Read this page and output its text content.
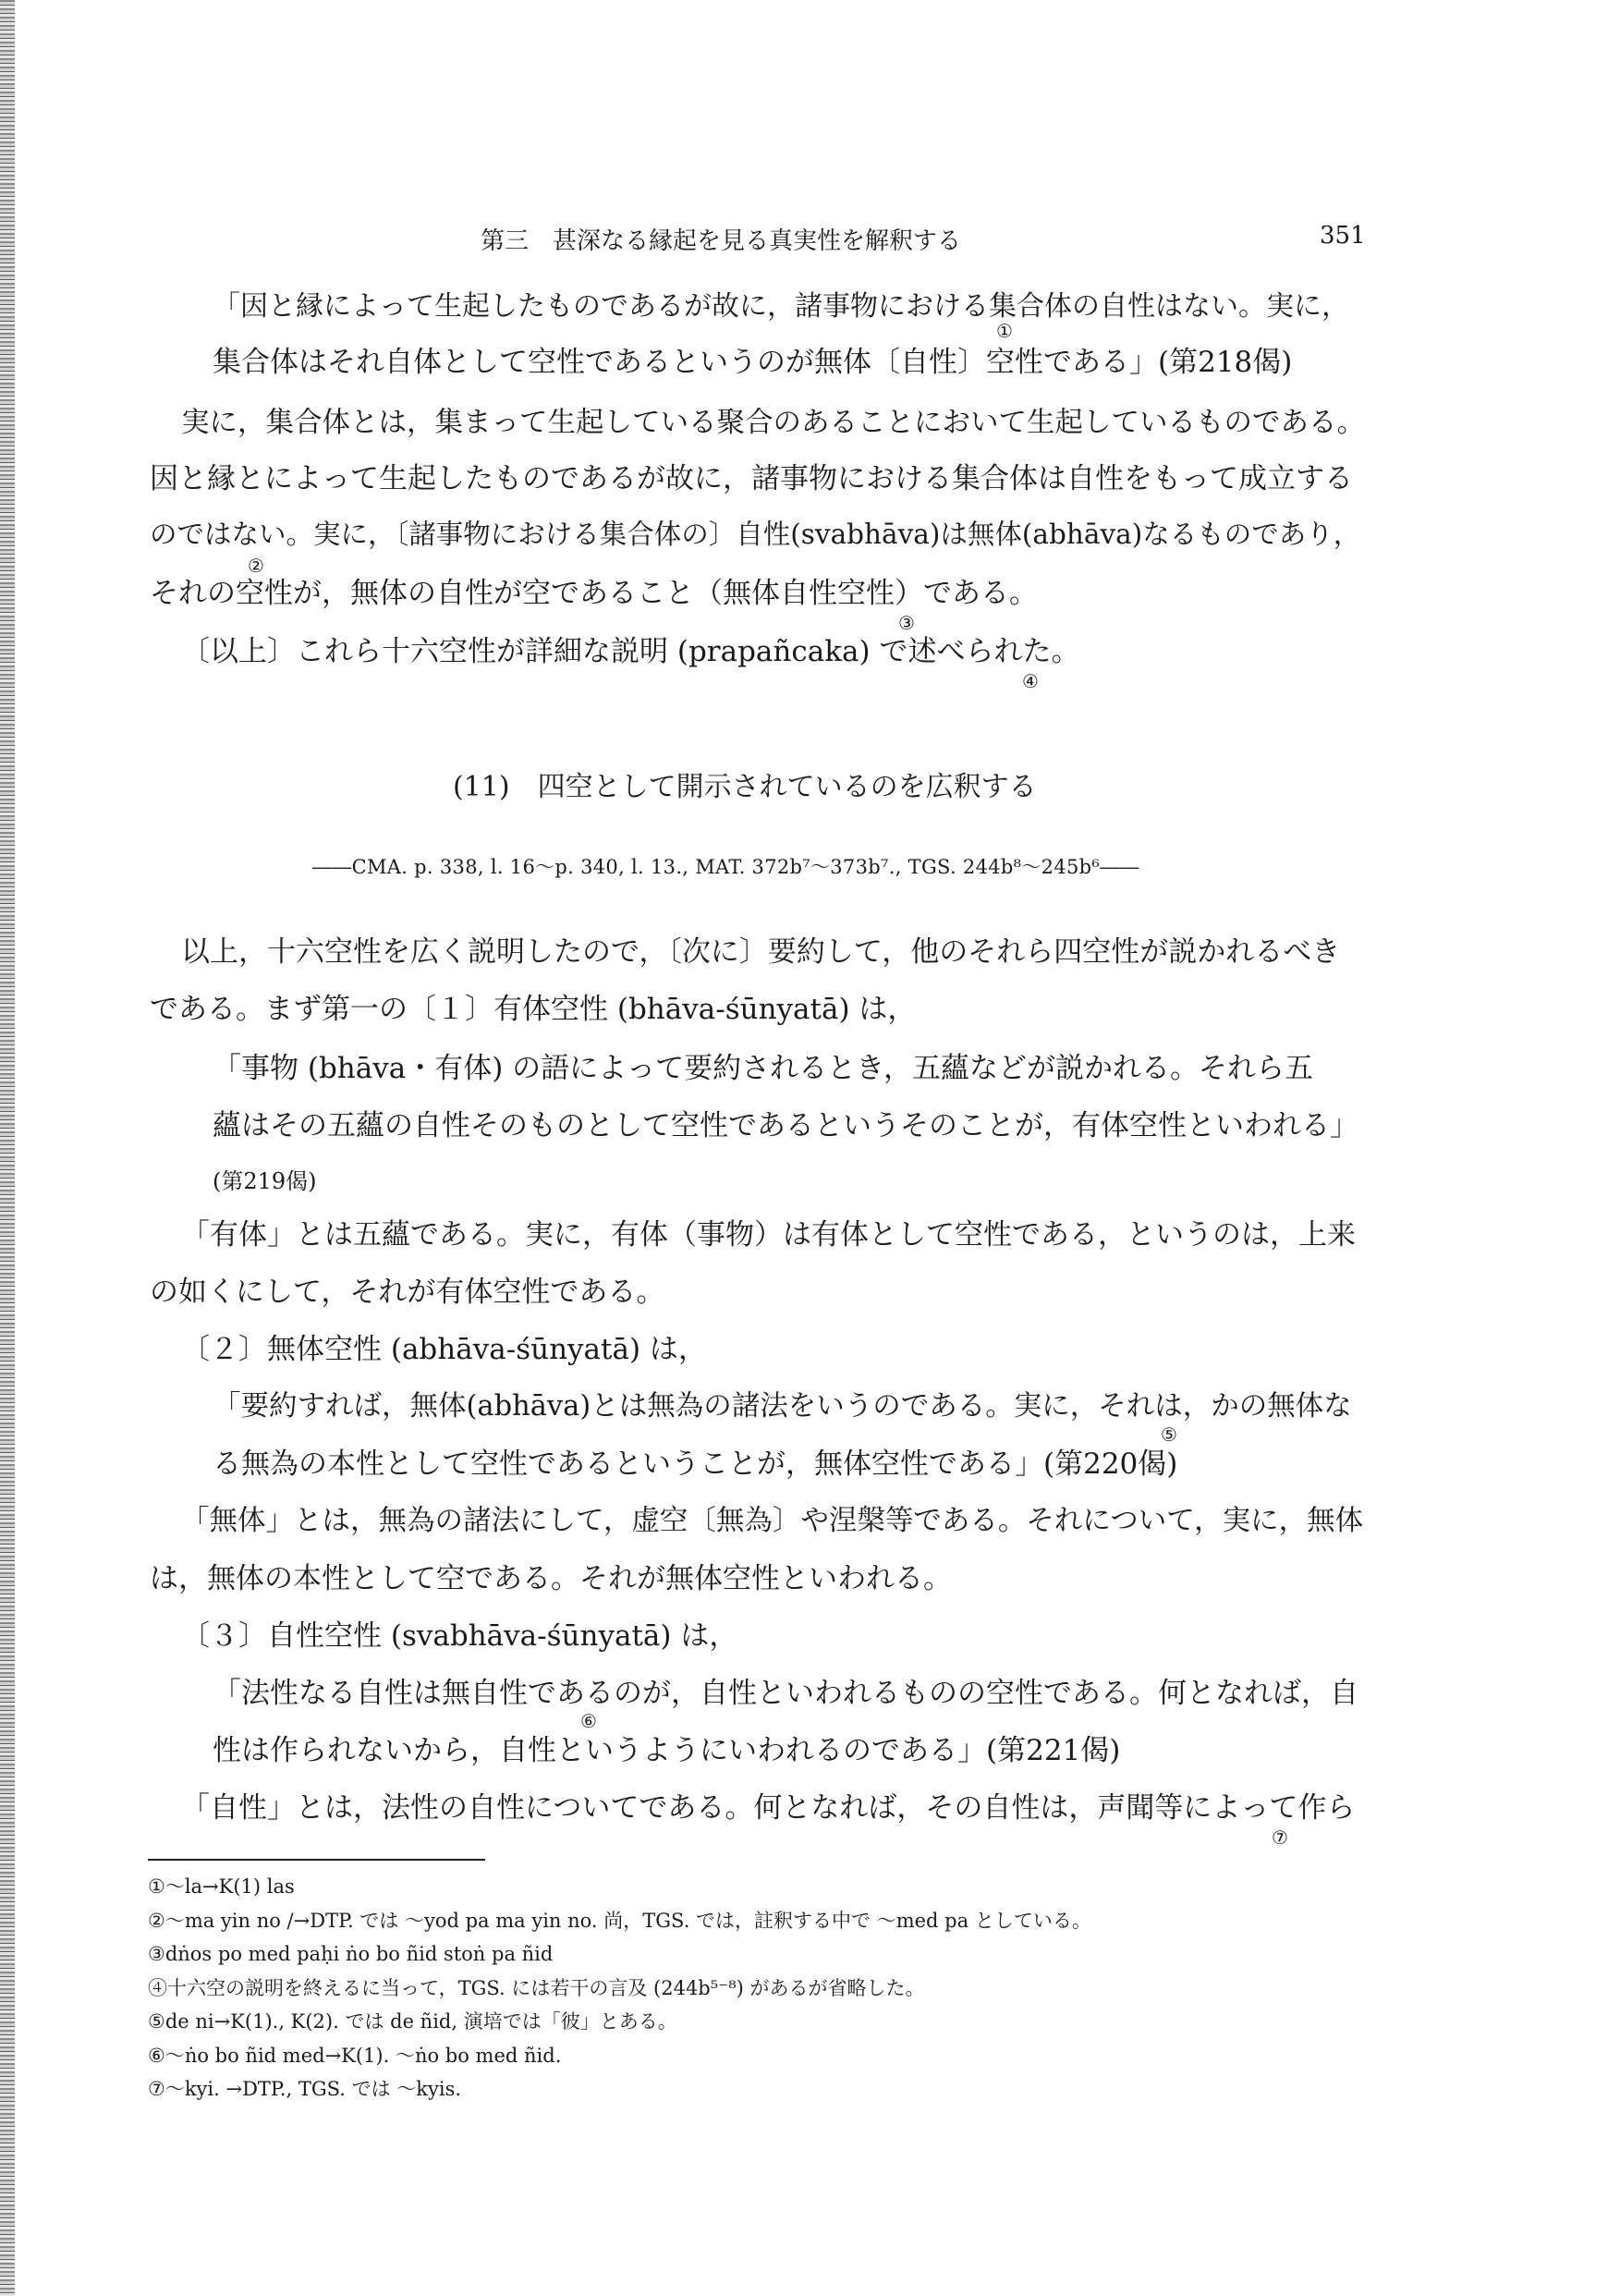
第三　甚深なる縁起を見る真実性を解釈する	351
「因と縁によって生起したものであるが故に，諸事物における集合体の自性はない。実に，
①
集合体はそれ自体として空性であるというのが無体〔自性〕空性である」(第218偈)
実に，集合体とは，集まって生起している聚合のあることにおいて生起しているものである。
因と縁とによって生起したものであるが故に，諸事物における集合体は自性をもって成立する
のではない。実に，〔諸事物における集合体の〕自性(svabhāva)は無体(abhāva)なるものであり，
②
それの空性が，無体の自性が空であること（無体自性空性）である。
③
〔以上〕これら十六空性が詳細な説明 (prapañcaka) で述べられた。
④
(11)　四空として開示されているのを広釈する
――CMA. p. 338, l. 16～p. 340, l. 13., MAT. 372b⁷～373b⁷., TGS. 244b⁸～245b⁶――
以上，十六空性を広く説明したので，〔次に〕要約して，他のそれら四空性が説かれるべき
である。まず第一の〔１〕有体空性 (bhāva-śūnyatā) は，
「事物 (bhāva・有体) の語によって要約されるとき，五蘊などが説かれる。それら五
蘊はその五蘊の自性そのものとして空性であるというそのことが，有体空性といわれる」
(第219偈)
「有体」とは五蘊である。実に，有体（事物）は有体として空性である，というのは，上来
の如くにして，それが有体空性である。
〔２〕無体空性 (abhāva-śūnyatā) は，
「要約すれば，無体(abhāva)とは無為の諸法をいうのである。実に，それは，かの無体な
⑤
る無為の本性として空性であるということが，無体空性である」(第220偈)
「無体」とは，無為の諸法にして，虚空〔無為〕や涅槃等である。それについて，実に，無体
は，無体の本性として空である。それが無体空性といわれる。
〔３〕自性空性 (svabhāva-śūnyatā) は，
「法性なる自性は無自性であるのが，自性といわれるものの空性である。何となれば，自
⑥
性は作られないから，自性というようにいわれるのである」(第221偈)
「自性」とは，法性の自性についてである。何となれば，その自性は，声聞等によって作ら
⑦
①～la→K(1) las
②～ma yin no /→DTP. では ～yod pa ma yin no. 尚，TGS. では，註釈する中で ～med pa としている。
③dṅos po med paḥi ṅo bo ñid stoṅ pa ñid
④十六空の説明を終えるに当って，TGS. には若干の言及 (244b⁵⁻⁸) があるが省略した。
⑤de ni→K(1)., K(2). では de ñid, 演培では「彼」とある。
⑥～ṅo bo ñid med→K(1). ～ṅo bo med ñid.
⑦～kyi. →DTP., TGS. では ～kyis.
